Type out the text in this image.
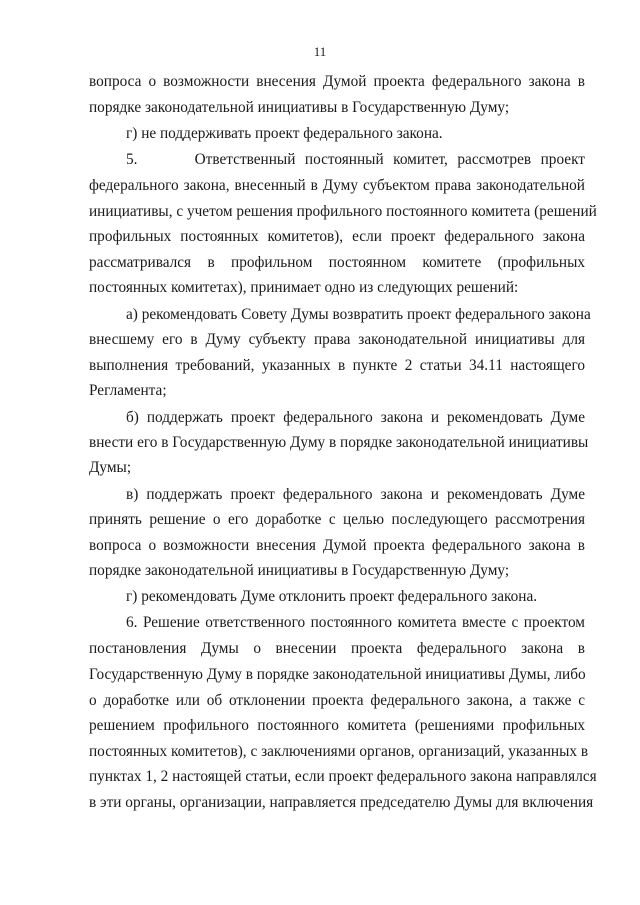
11
вопроса о возможности внесения Думой проекта федерального закона в
порядке законодательной инициативы в Государственную Думу;
г) не поддерживать проект федерального закона.
5.      Ответственный постоянный комитет, рассмотрев проект
федерального закона, внесенный в Думу субъектом права законодательной
инициативы, с учетом решения профильного постоянного комитета (решений
профильных постоянных комитетов), если проект федерального закона
рассматривался в профильном постоянном комитете (профильных
постоянных комитетах), принимает одно из следующих решений:
а) рекомендовать Совету Думы возвратить проект федерального закона
внесшему его в Думу субъекту права законодательной инициативы для
выполнения требований, указанных в пункте 2 статьи 34.11 настоящего
Регламента;
б) поддержать проект федерального закона и рекомендовать Думе
внести его в Государственную Думу в порядке законодательной инициативы
Думы;
в) поддержать проект федерального закона и рекомендовать Думе
принять решение о его доработке с целью последующего рассмотрения
вопроса о возможности внесения Думой проекта федерального закона в
порядке законодательной инициативы в Государственную Думу;
г) рекомендовать Думе отклонить проект федерального закона.
6. Решение ответственного постоянного комитета вместе с проектом
постановления Думы о внесении проекта федерального закона в
Государственную Думу в порядке законодательной инициативы Думы, либо
о доработке или об отклонении проекта федерального закона, а также с
решением профильного постоянного комитета (решениями профильных
постоянных комитетов), с заключениями органов, организаций, указанных в
пунктах 1, 2 настоящей статьи, если проект федерального закона направлялся
в эти органы, организации, направляется председателю Думы для включения
